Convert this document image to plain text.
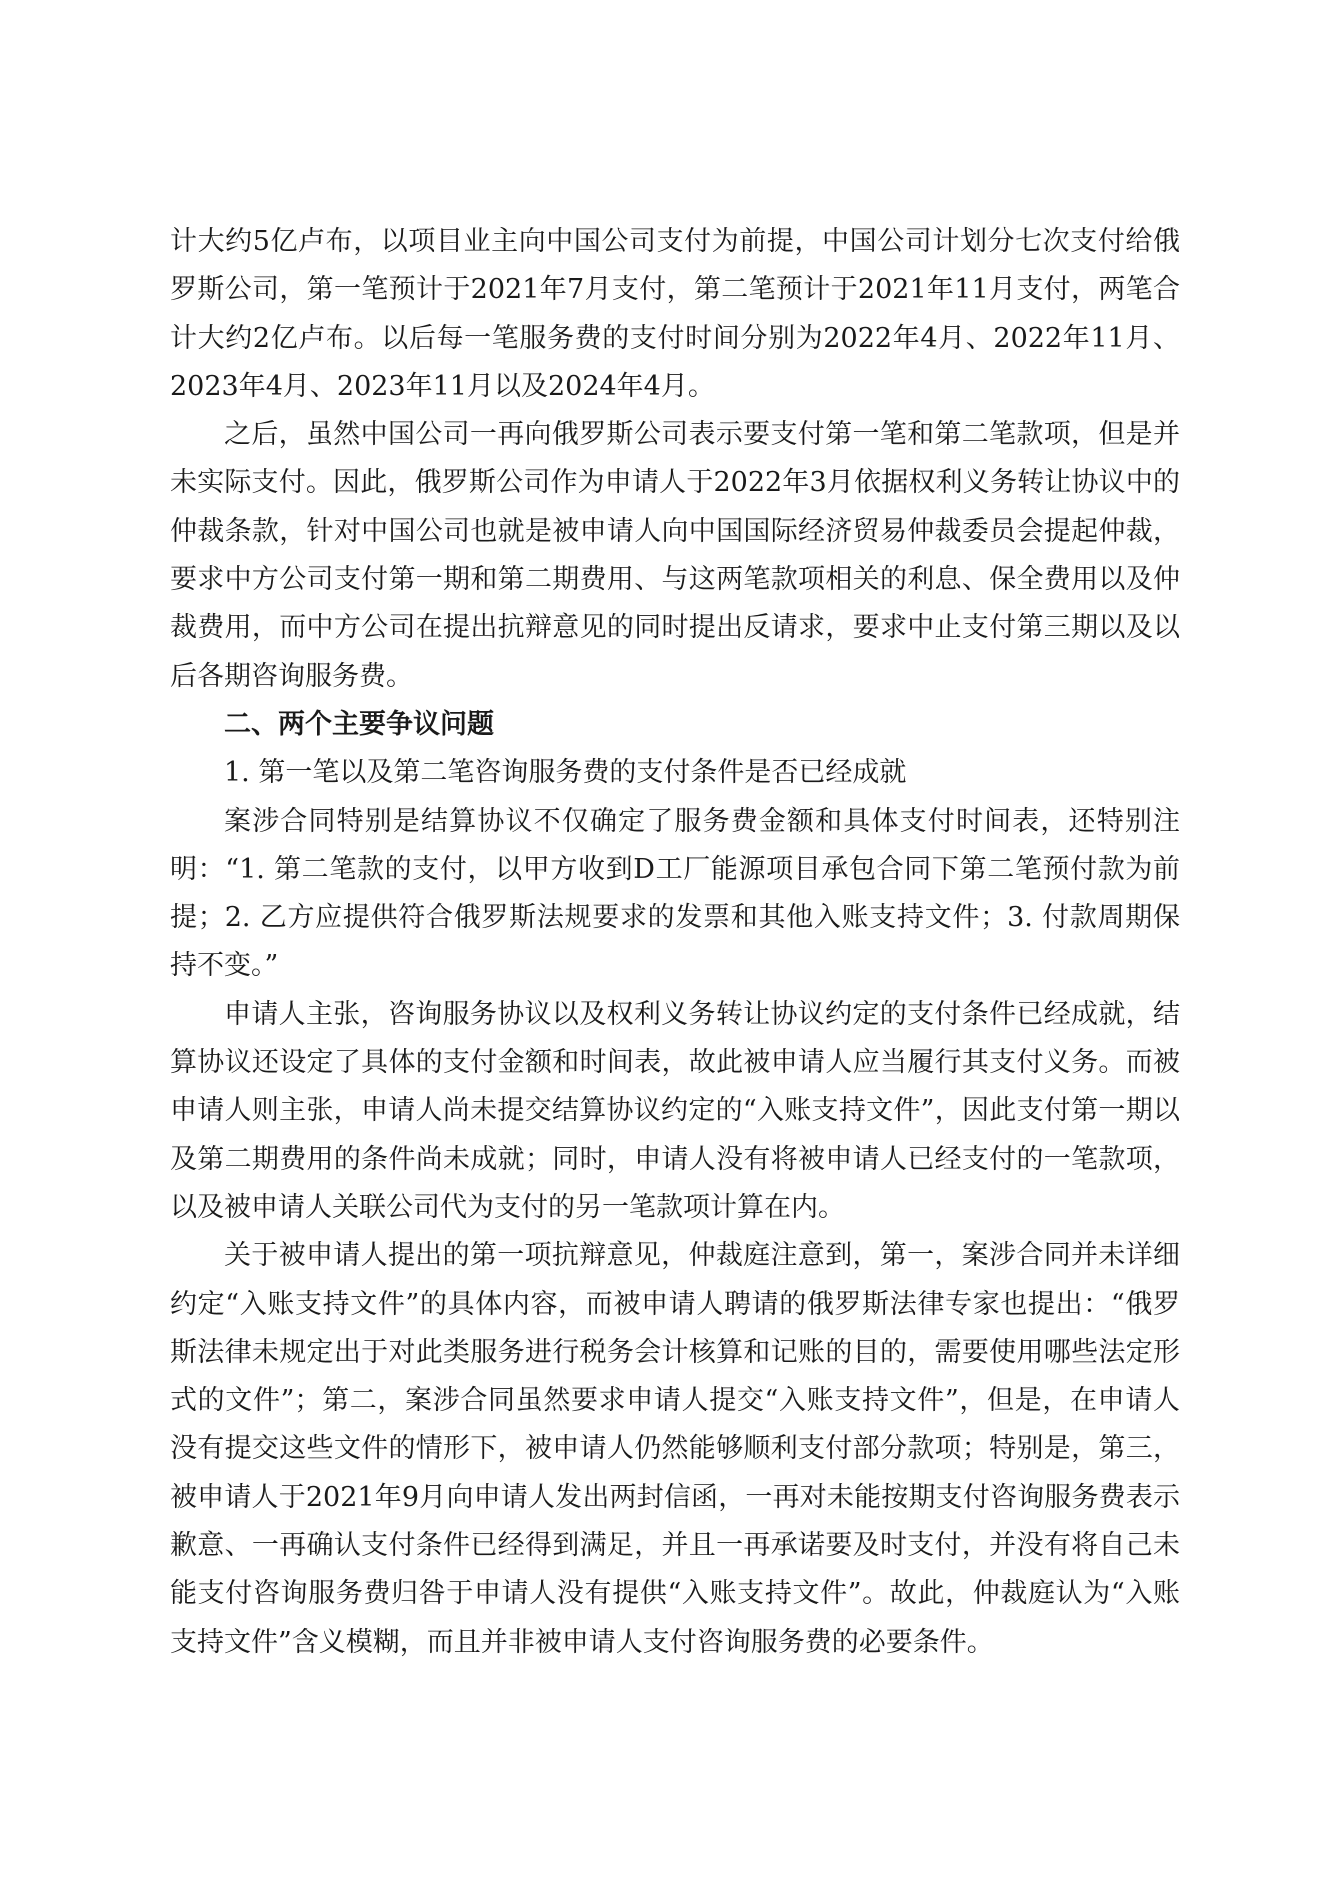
计大约5亿卢布，以项目业主向中国公司支付为前提，中国公司计划分七次支付给俄罗斯公司，第一笔预计于2021年7月支付，第二笔预计于2021年11月支付，两笔合计大约2亿卢布。以后每一笔服务费的支付时间分别为2022年4月、2022年11月、2023年4月、2023年11月以及2024年4月。

之后，虽然中国公司一再向俄罗斯公司表示要支付第一笔和第二笔款项，但是并未实际支付。因此，俄罗斯公司作为申请人于2022年3月依据权利义务转让协议中的仲裁条款，针对中国公司也就是被申请人向中国国际经济贸易仲裁委员会提起仲裁，要求中方公司支付第一期和第二期费用、与这两笔款项相关的利息、保全费用以及仲裁费用，而中方公司在提出抗辩意见的同时提出反请求，要求中止支付第三期以及以后各期咨询服务费。

二、两个主要争议问题

1. 第一笔以及第二笔咨询服务费的支付条件是否已经成就

案涉合同特别是结算协议不仅确定了服务费金额和具体支付时间表，还特别注明：“1. 第二笔款的支付，以甲方收到D工厂能源项目承包合同下第二笔预付款为前提；2. 乙方应提供符合俄罗斯法规要求的发票和其他入账支持文件；3. 付款周期保持不变。”

申请人主张，咨询服务协议以及权利义务转让协议约定的支付条件已经成就，结算协议还设定了具体的支付金额和时间表，故此被申请人应当履行其支付义务。而被申请人则主张，申请人尚未提交结算协议约定的“入账支持文件”，因此支付第一期以及第二期费用的条件尚未成就；同时，申请人没有将被申请人已经支付的一笔款项，以及被申请人关联公司代为支付的另一笔款项计算在内。

关于被申请人提出的第一项抗辩意见，仲裁庭注意到，第一，案涉合同并未详细约定“入账支持文件”的具体内容，而被申请人聘请的俄罗斯法律专家也提出：“俄罗斯法律未规定出于对此类服务进行税务会计核算和记账的目的，需要使用哪些法定形式的文件”；第二，案涉合同虽然要求申请人提交“入账支持文件”，但是，在申请人没有提交这些文件的情形下，被申请人仍然能够顺利支付部分款项；特别是，第三，被申请人于2021年9月向申请人发出两封信函，一再对未能按期支付咨询服务费表示歉意、一再确认支付条件已经得到满足，并且一再承诺要及时支付，并没有将自己未能支付咨询服务费归咎于申请人没有提供“入账支持文件”。故此，仲裁庭认为“入账支持文件”含义模糊，而且并非被申请人支付咨询服务费的必要条件。
